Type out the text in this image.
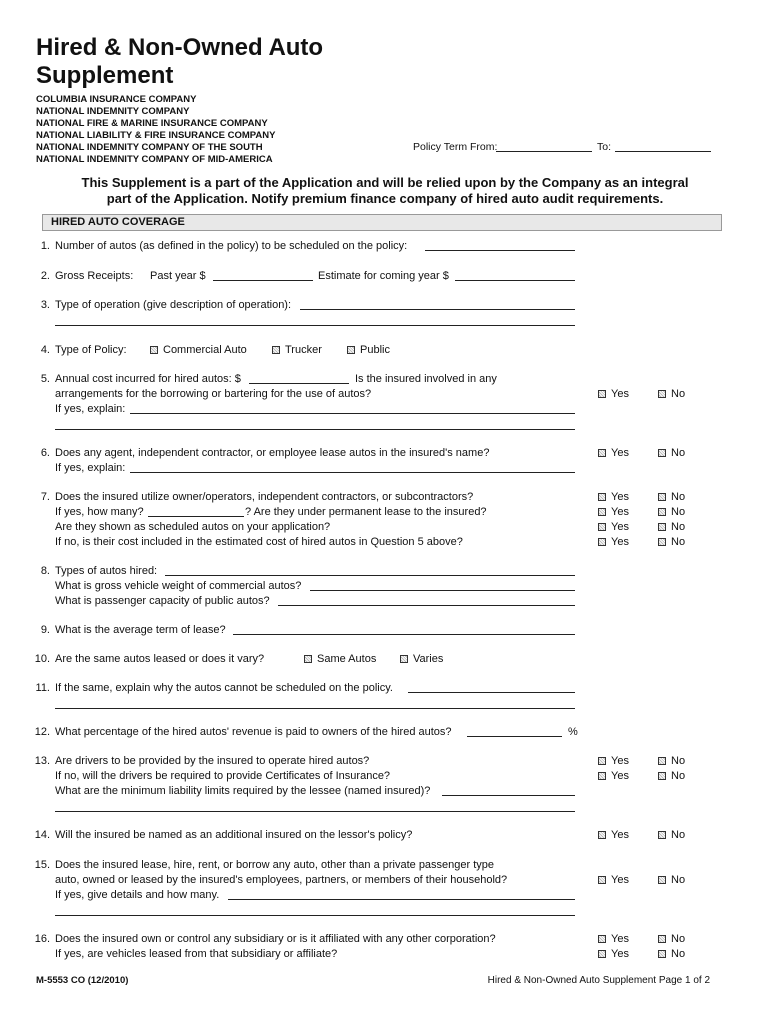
Hired & Non-Owned Auto
Supplement
COLUMBIA INSURANCE COMPANY
NATIONAL INDEMNITY COMPANY
NATIONAL FIRE & MARINE INSURANCE COMPANY
NATIONAL LIABILITY & FIRE INSURANCE COMPANY
NATIONAL INDEMNITY COMPANY OF THE SOUTH
NATIONAL INDEMNITY COMPANY OF MID-AMERICA
Policy Term From:	To:
This Supplement is a part of the Application and will be relied upon by the Company as an integral
part of the Application. Notify premium finance company of hired auto audit requirements.
HIRED AUTO COVERAGE
1. Number of autos (as defined in the policy) to be scheduled on the policy:
2. Gross Receipts: Past year $	Estimate for coming year $
3. Type of operation (give description of operation):
4. Type of Policy:	Commercial Auto	Trucker	Public
5. Annual cost incurred for hired autos: $	Is the insured involved in any
arrangements for the borrowing or bartering for the use of autos?	Yes	No
If yes, explain:
6. Does any agent, independent contractor, or employee lease autos in the insured's name?	Yes	No
If yes, explain:
7. Does the insured utilize owner/operators, independent contractors, or subcontractors?	Yes	No
If yes, how many?	? Are they under permanent lease to the insured?	Yes	No
Are they shown as scheduled autos on your application?	Yes	No
If no, is their cost included in the estimated cost of hired autos in Question 5 above?	Yes	No
8. Types of autos hired:
What is gross vehicle weight of commercial autos?
What is passenger capacity of public autos?
9. What is the average term of lease?
10. Are the same autos leased or does it vary?	Same Autos	Varies
11. If the same, explain why the autos cannot be scheduled on the policy.
12. What percentage of the hired autos' revenue is paid to owners of the hired autos?	%
13. Are drivers to be provided by the insured to operate hired autos?	Yes	No
If no, will the drivers be required to provide Certificates of Insurance?	Yes	No
What are the minimum liability limits required by the lessee (named insured)?
14. Will the insured be named as an additional insured on the lessor's policy?	Yes	No
15. Does the insured lease, hire, rent, or borrow any auto, other than a private passenger type
auto, owned or leased by the insured's employees, partners, or members of their household?	Yes	No
If yes, give details and how many.
16. Does the insured own or control any subsidiary or is it affiliated with any other corporation?	Yes	No
If yes, are vehicles leased from that subsidiary or affiliate?	Yes	No
M-5553 CO (12/2010)	Hired & Non-Owned Auto Supplement Page 1 of 2
